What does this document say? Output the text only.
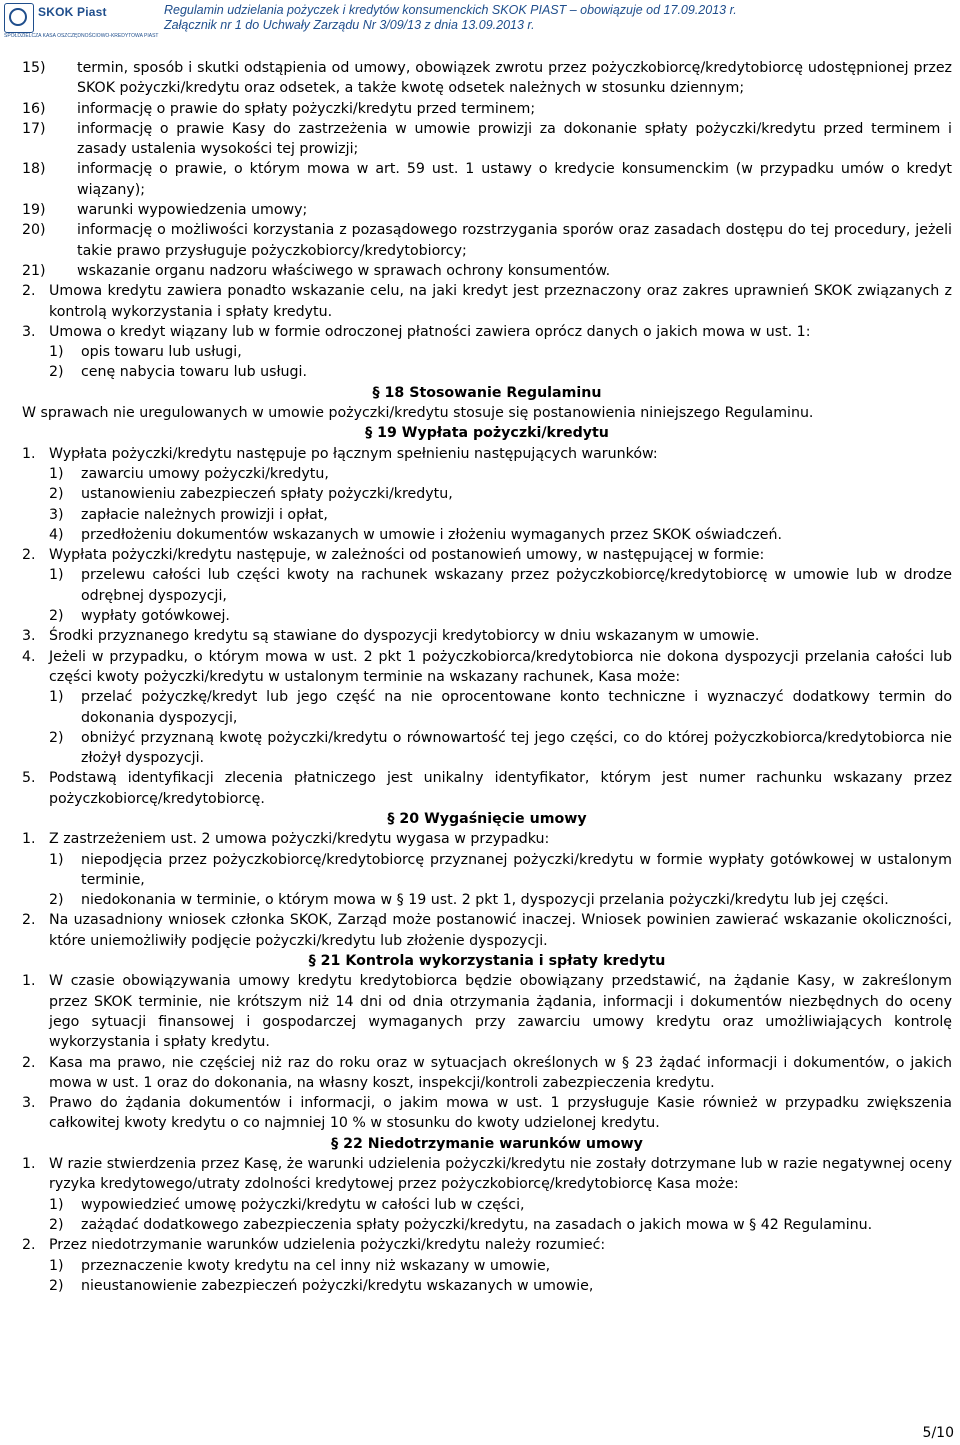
SKOK Piast
SPÓŁDZIELCZA KASA OSZCZĘDNOŚCIOWO-KREDYTOWA PIAST
Regulamin udzielania pożyczek i kredytów konsumenckich SKOK PIAST – obowiązuje od 17.09.2013 r.
Załącznik nr 1 do Uchwały Zarządu Nr 3/09/13 z dnia 13.09.2013 r.
15)	termin, sposób i skutki odstąpienia od umowy, obowiązek zwrotu przez pożyczkobiorcę/kredytobiorcę udostępnionej przez SKOK pożyczki/kredytu oraz odsetek, a także kwotę odsetek należnych w stosunku dziennym;
16)	informację o prawie do spłaty pożyczki/kredytu przed terminem;
17)	informację o prawie Kasy do zastrzeżenia w umowie prowizji za dokonanie spłaty pożyczki/kredytu przed terminem i zasady ustalenia wysokości tej prowizji;
18)	informację o prawie, o którym mowa w art. 59 ust. 1 ustawy o kredycie konsumenckim (w przypadku umów o kredyt wiązany);
19)	warunki wypowiedzenia umowy;
20)	informację o możliwości korzystania z pozasądowego rozstrzygania sporów oraz zasadach dostępu do tej procedury, jeżeli takie prawo przysługuje pożyczkobiorcy/kredytobiorcy;
21)	wskazanie organu nadzoru właściwego w sprawach ochrony konsumentów.
2. Umowa kredytu zawiera ponadto wskazanie celu, na jaki kredyt jest przeznaczony oraz zakres uprawnień SKOK związanych z kontrolą wykorzystania i spłaty kredytu.
3. Umowa o kredyt wiązany lub w formie odroczonej płatności zawiera oprócz danych o jakich mowa w ust. 1:
1)	opis towaru lub usługi,
2)	cenę nabycia towaru lub usługi.

§ 18 Stosowanie Regulaminu

W sprawach nie uregulowanych w umowie pożyczki/kredytu stosuje się postanowienia niniejszego Regulaminu.

§ 19 Wypłata pożyczki/kredytu

1. Wypłata pożyczki/kredytu następuje po łącznym spełnieniu następujących warunków:
1)	zawarciu umowy pożyczki/kredytu,
2)	ustanowieniu zabezpieczeń spłaty pożyczki/kredytu,
3)	zapłacie należnych prowizji i opłat,
4)	przedłożeniu dokumentów wskazanych w umowie i złożeniu wymaganych przez SKOK oświadczeń.
2. Wypłata pożyczki/kredytu następuje, w zależności od postanowień umowy, w następującej w formie:
1)	przelewu całości lub części kwoty na rachunek wskazany przez pożyczkobiorcę/kredytobiorcę w umowie lub w drodze odrębnej dyspozycji,
2)	wypłaty gotówkowej.
3. Środki przyznanego kredytu są stawiane do dyspozycji kredytobiorcy w dniu wskazanym w umowie.
4. Jeżeli w przypadku, o którym mowa w ust. 2 pkt 1 pożyczkobiorca/kredytobiorca nie dokona dyspozycji przelania całości lub części kwoty pożyczki/kredytu w ustalonym terminie na wskazany rachunek, Kasa może:
1)	przelać pożyczkę/kredyt lub jego część na nie oprocentowane konto techniczne i wyznaczyć dodatkowy termin do dokonania dyspozycji,
2)	obniżyć przyznaną kwotę pożyczki/kredytu o równowartość tej jego części, co do której pożyczkobiorca/kredytobiorca nie złożył dyspozycji.
5. Podstawą identyfikacji zlecenia płatniczego jest unikalny identyfikator, którym jest numer rachunku wskazany przez pożyczkobiorcę/kredytobiorcę.

§ 20 Wygaśnięcie umowy

1. Z zastrzeżeniem ust. 2 umowa pożyczki/kredytu wygasa w przypadku:
1)	niepodjęcia przez pożyczkobiorcę/kredytobiorcę przyznanej pożyczki/kredytu w formie wypłaty gotówkowej w ustalonym terminie,
2)	niedokonania w terminie, o którym mowa w § 19 ust. 2 pkt 1, dyspozycji przelania pożyczki/kredytu lub jej części.
2. Na uzasadniony wniosek członka SKOK, Zarząd może postanowić inaczej. Wniosek powinien zawierać wskazanie okoliczności, które uniemożliwiły podjęcie pożyczki/kredytu lub złożenie dyspozycji.

§ 21 Kontrola wykorzystania i spłaty kredytu

1. W czasie obowiązywania umowy kredytu kredytobiorca będzie obowiązany przedstawić, na żądanie Kasy, w zakreślonym przez SKOK terminie, nie krótszym niż 14 dni od dnia otrzymania żądania, informacji i dokumentów niezbędnych do oceny jego sytuacji finansowej i gospodarczej wymaganych przy zawarciu umowy kredytu oraz umożliwiających kontrolę wykorzystania i spłaty kredytu.
2. Kasa ma prawo, nie częściej niż raz do roku oraz w sytuacjach określonych w § 23 żądać informacji i dokumentów, o jakich mowa w ust. 1 oraz do dokonania, na własny koszt, inspekcji/kontroli zabezpieczenia kredytu.
3. Prawo do żądania dokumentów i informacji, o jakim mowa w ust. 1 przysługuje Kasie również w przypadku zwiększenia całkowitej kwoty kredytu o co najmniej 10 % w stosunku do kwoty udzielonej kredytu.

§ 22 Niedotrzymanie warunków umowy

1. W razie stwierdzenia przez Kasę, że warunki udzielenia pożyczki/kredytu nie zostały dotrzymane lub w razie negatywnej oceny ryzyka kredytowego/utraty zdolności kredytowej przez pożyczkobiorcę/kredytobiorcę Kasa może:
1)	wypowiedzieć umowę pożyczki/kredytu w całości lub w części,
2)	zażądać dodatkowego zabezpieczenia spłaty pożyczki/kredytu, na zasadach o jakich mowa w § 42 Regulaminu.
2. Przez niedotrzymanie warunków udzielenia pożyczki/kredytu należy rozumieć:
1)	przeznaczenie kwoty kredytu na cel inny niż wskazany w umowie,
2)	nieustanowienie zabezpieczeń pożyczki/kredytu wskazanych w umowie,
5/10
